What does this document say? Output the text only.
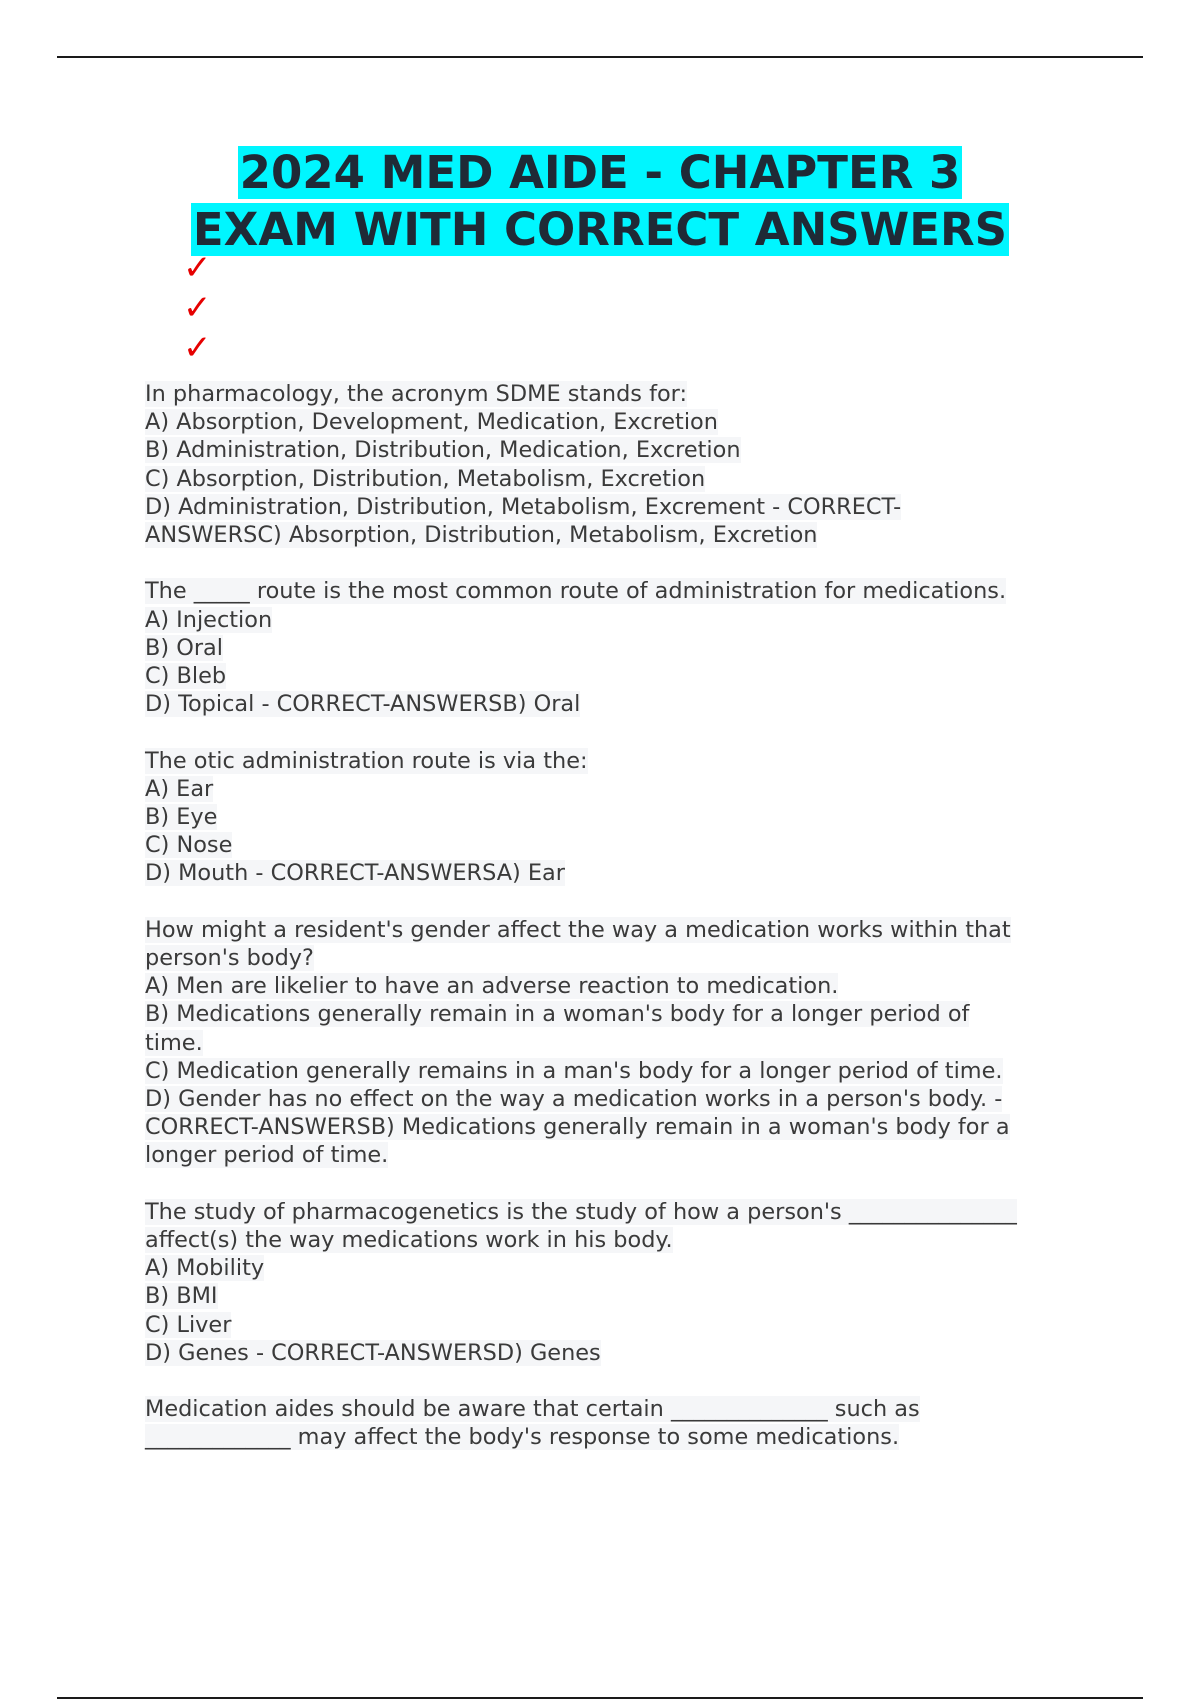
2024 MED AIDE - CHAPTER 3
EXAM WITH CORRECT ANSWERS
✓
✓
✓
In pharmacology, the acronym SDME stands for:
A) Absorption, Development, Medication, Excretion
B) Administration, Distribution, Medication, Excretion
C) Absorption, Distribution, Metabolism, Excretion
D) Administration, Distribution, Metabolism, Excrement - CORRECT-
ANSWERSC) Absorption, Distribution, Metabolism, Excretion
The _____ route is the most common route of administration for medications.
A) Injection
B) Oral
C) Bleb
D) Topical - CORRECT-ANSWERSB) Oral
The otic administration route is via the:
A) Ear
B) Eye
C) Nose
D) Mouth - CORRECT-ANSWERSA) Ear
How might a resident's gender affect the way a medication works within that
person's body?
A) Men are likelier to have an adverse reaction to medication.
B) Medications generally remain in a woman's body for a longer period of
time.
C) Medication generally remains in a man's body for a longer period of time.
D) Gender has no effect on the way a medication works in a person's body. -
CORRECT-ANSWERSB) Medications generally remain in a woman's body for a
longer period of time.
The study of pharmacogenetics is the study of how a person's _______________
affect(s) the way medications work in his body.
A) Mobility
B) BMI
C) Liver
D) Genes - CORRECT-ANSWERSD) Genes
Medication aides should be aware that certain ______________ such as
_____________ may affect the body's response to some medications.
